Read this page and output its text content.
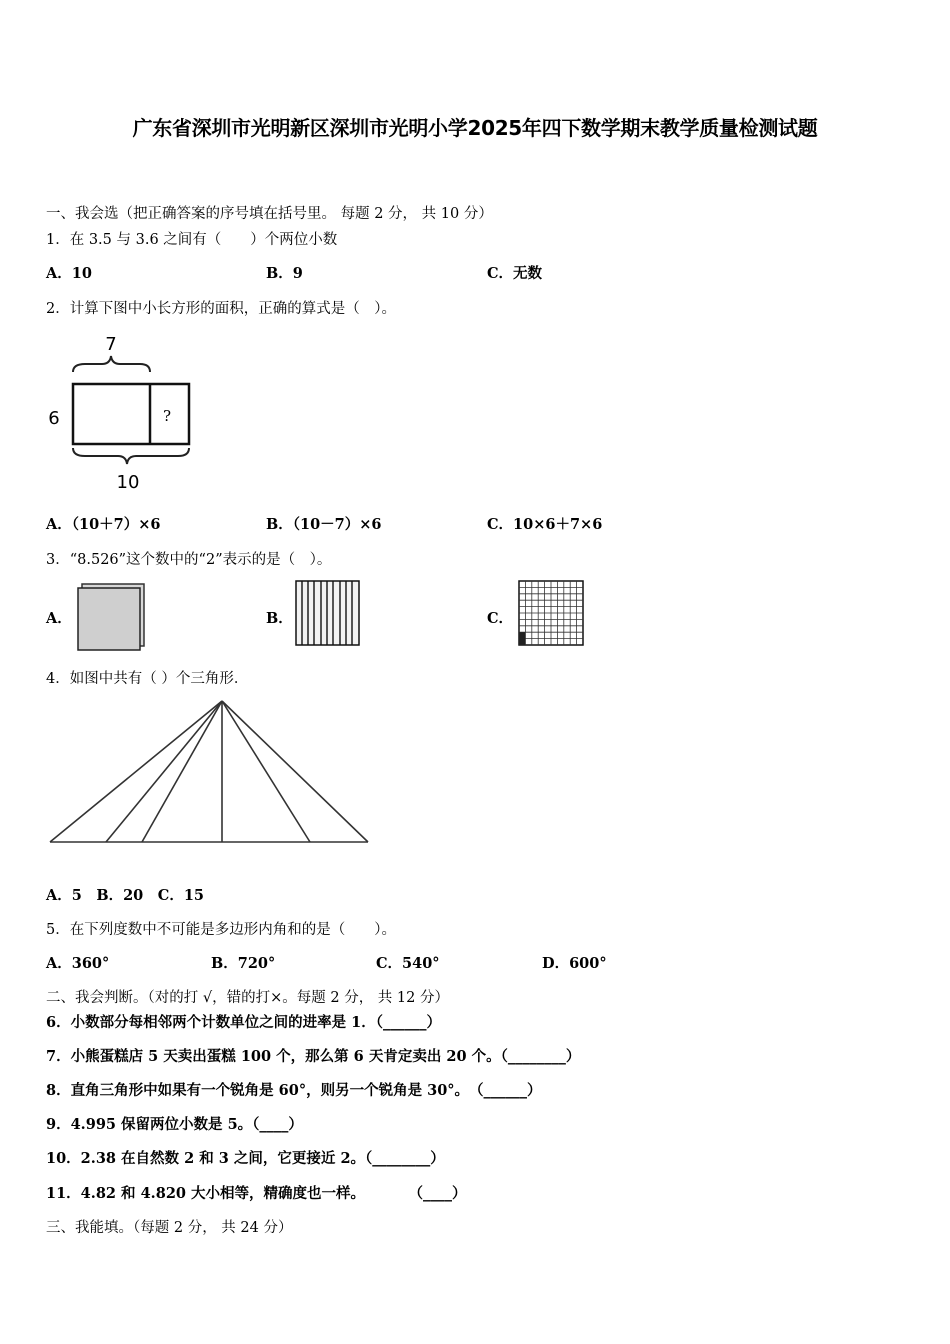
广东省深圳市光明新区深圳市光明小学2025年四下数学期末教学质量检测试题
一、我会选（把正确答案的序号填在括号里。 每题 2 分， 共 10 分）
1．在 3.5 与 3.6 之间有（　　）个两位小数
A．10	B．9	C．无数
2．计算下图中小长方形的面积，正确的算式是（　）。
7
?
6
10
A．（10＋7）×6	B．（10－7）×6	C．10×6＋7×6
3．“8.526”这个数中的“2”表示的是（　）。
A．	B．	C．
4．如图中共有（ ）个三角形．
A．5　B．20　C．15
5．在下列度数中不可能是多边形内角和的是（　　）。
A．360°	B．720°	C．540°	D．600°
二、我会判断。（对的打 √，错的打×。每题 2 分， 共 12 分）
6．小数部分每相邻两个计数单位之间的进率是 1．（______）
7．小熊蛋糕店 5 天卖出蛋糕 100 个，那么第 6 天肯定卖出 20 个。（________）
8．直角三角形中如果有一个锐角是 60°，则另一个锐角是 30°。　（______）
9．4.995 保留两位小数是 5。（____）
10．2.38 在自然数 2 和 3 之间，它更接近 2。（________）
11．4.82 和 4.820 大小相等，精确度也一样。　　　　（____）
三、我能填。（每题 2 分， 共 24 分）
